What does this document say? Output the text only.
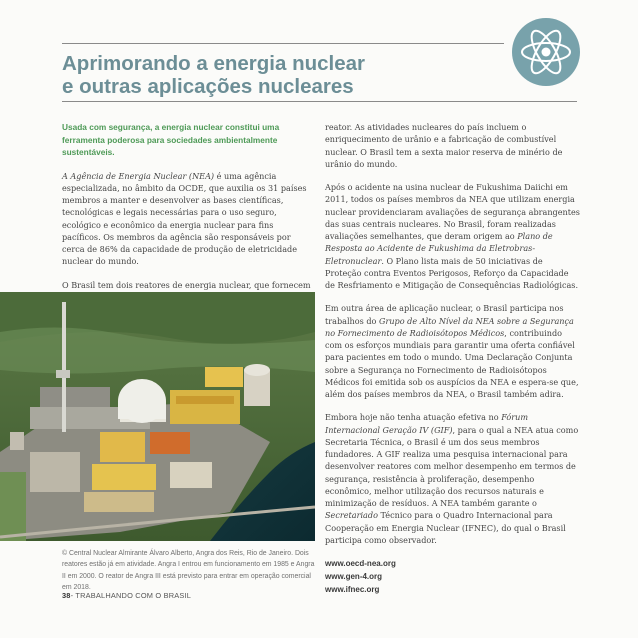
Aprimorando a energia nuclear
e outras aplicações nucleares

Usada com segurança, a energia nuclear constitui uma ferramenta poderosa para sociedades ambientalmente sustentáveis.

A Agência de Energia Nuclear (NEA) é uma agência especializada, no âmbito da OCDE, que auxilia os 31 países membros a manter e desenvolver as bases científicas, tecnológicas e legais necessárias para o uso seguro, ecológico e econômico da energia nuclear para fins pacíficos. Os membros da agência são responsáveis por cerca de 86% da capacidade de produção de eletricidade nuclear do mundo.

O Brasil tem dois reatores de energia nuclear, que fornecem

© Central Nuclear Almirante Álvaro Alberto, Angra dos Reis, Rio de Janeiro. Dois reatores estão já em atividade. Angra I entrou em funcionamento em 1985 e Angra II em 2000. O reator de Angra III está previsto para entrar em operação comercial em 2018.

reator. As atividades nucleares do país incluem o enriquecimento de urânio e a fabricação de combustível nuclear. O Brasil tem a sexta maior reserva de minério de urânio do mundo.

Após o acidente na usina nuclear de Fukushima Daiichi em 2011, todos os países membros da NEA que utilizam energia nuclear providenciaram avaliações de segurança abrangentes das suas centrais nucleares. No Brasil, foram realizadas avaliações semelhantes, que deram origem ao Plano de Resposta ao Acidente de Fukushima da Eletrobras-Eletronuclear. O Plano lista mais de 50 iniciativas de Proteção contra Eventos Perigosos, Reforço da Capacidade de Resfriamento e Mitigação de Consequências Radiológicas.

Em outra área de aplicação nuclear, o Brasil participa nos trabalhos do Grupo de Alto Nível da NEA sobre a Segurança no Fornecimento de Radioisótopos Médicos, contribuindo com os esforços mundiais para garantir uma oferta confiável para pacientes em todo o mundo. Uma Declaração Conjunta sobre a Segurança no Fornecimento de Radioisótopos Médicos foi emitida sob os auspícios da NEA e espera-se que, além dos países membros da NEA, o Brasil também adira.

Embora hoje não tenha atuação efetiva no Fórum Internacional Geração IV (GIF), para o qual a NEA atua como Secretaria Técnica, o Brasil é um dos seus membros fundadores. A GIF realiza uma pesquisa internacional para desenvolver reatores com melhor desempenho em termos de segurança, resistência à proliferação, desempenho econômico, melhor utilização dos recursos naturais e minimização de resíduos. A NEA também garante o Secretariado Técnico para o Quadro Internacional para Cooperação em Energia Nuclear (IFNEC), do qual o Brasil participa como observador.

www.oecd-nea.org
www.gen-4.org
www.ifnec.org
38- TRABALHANDO COM O BRASIL
